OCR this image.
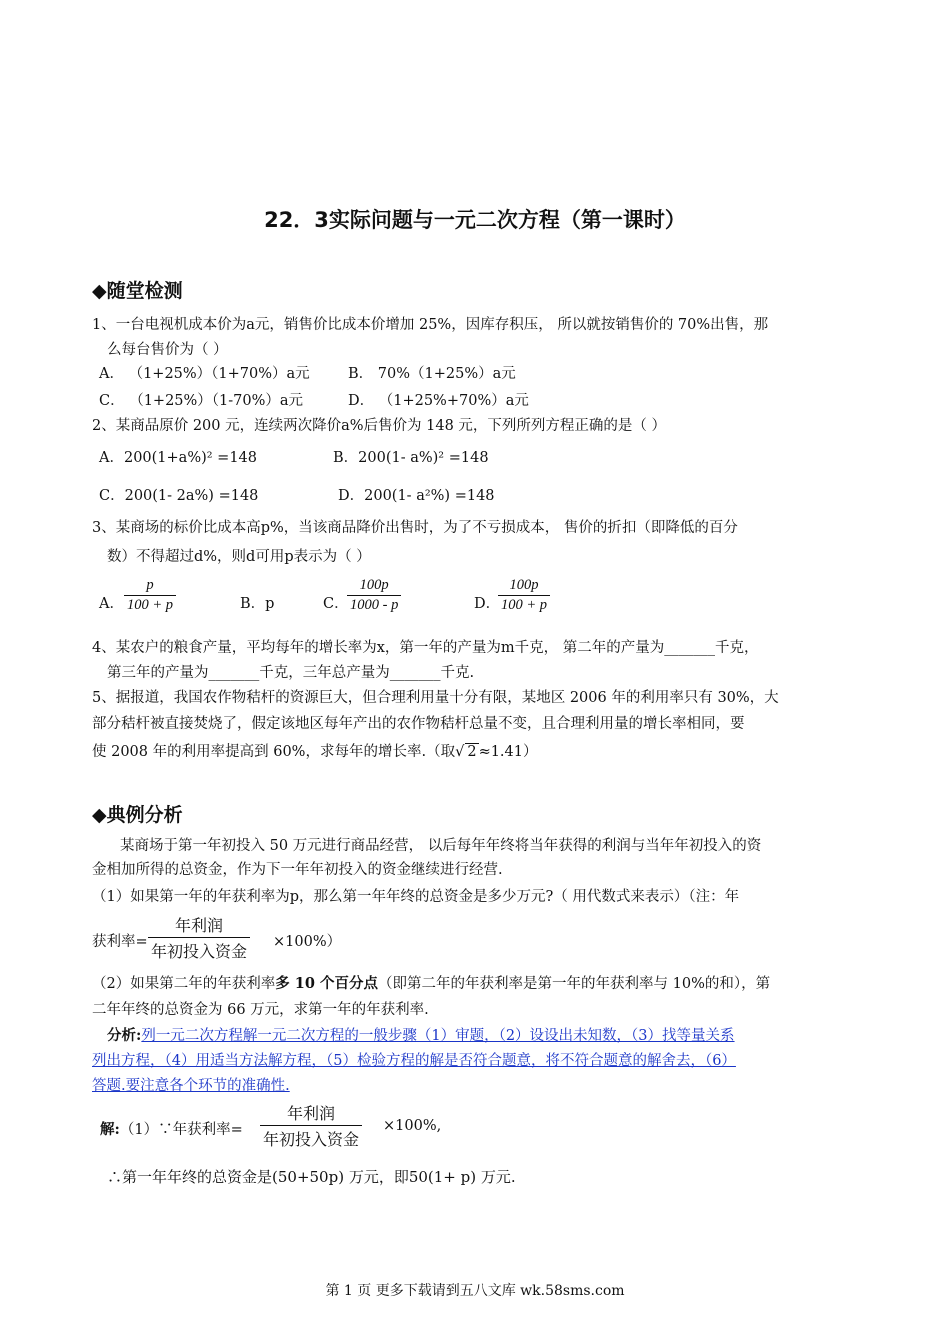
22．3实际问题与一元二次方程（第一课时）
◆随堂检测
1、一台电视机成本价为a元，销售价比成本价增加 25%，因库存积压， 所以就按销售价的 70%出售，那
么每台售价为（ ）
A． （1+25%）（1+70%）a元	B． 70%（1+25%）a元
C． （1+25%）（1-70%）a元	D． （1+25%+70%）a元
2、某商品原价 200 元，连续两次降价a%后售价为 148 元，下列所列方程正确的是（ ）
A．200(1+a%)² =148	B．200(1- a%)² =148
C．200(1- 2a%) =148	D．200(1- a²%) =148
3、某商场的标价比成本高p%，当该商品降价出售时，为了不亏损成本， 售价的折扣（即降低的百分
数）不得超过d%，则d可用p表示为（ ）
A． $\frac{p}{100 + p}$	B．p	C．
$\frac{100p}{1000 - p}$	D．
$\frac{100p}{100 + p}$
4、某农户的粮食产量，平均每年的增长率为x，第一年的产量为m千克， 第二年的产量为_______千克，
第三年的产量为_______千克，三年总产量为_______千克.
5、据报道，我国农作物秸杆的资源巨大，但合理利用量十分有限，某地区 2006 年的利用率只有 30%，大
部分秸杆被直接焚烧了，假定该地区每年产出的农作物秸杆总量不变，且合理利用量的增长率相同，要
使 2008 年的利用率提高到 60%，求每年的增长率.（取√ 2 ≈1.41）
◆典例分析
某商场于第一年初投入 50 万元进行商品经营， 以后每年年终将当年获得的利润与当年年初投入的资
金相加所得的总资金，作为下一年年初投入的资金继续进行经营.
（1）如果第一年的年获利率为p，那么第一年年终的总资金是多少万元?（ 用代数式来表示）（注：年
获利率=
年利润
年初投入资金 ×100%）
（2）如果第二年的年获利率多 10 个百分点（即第二年的年获利率是第一年的年获利率与 10%的和），第
二年年终的总资金为 66 万元，求第一年的年获利率.
分析:列一元二次方程解一元二次方程的一般步骤（1）审题，（2）设设出未知数，（3）找等量关系
列出方程，（4）用适当方法解方程，（5）检验方程的解是否符合题意，将不符合题意的解舍去，（6）
答题.要注意各个环节的准确性.
解:（1）∵年获利率=
年利润
年初投入资金
×100%,
∴第一年年终的总资金是(50+50p) 万元，即50(1+ p) 万元.
第 1 页 更多下载请到五八文库 wk.58sms.com
